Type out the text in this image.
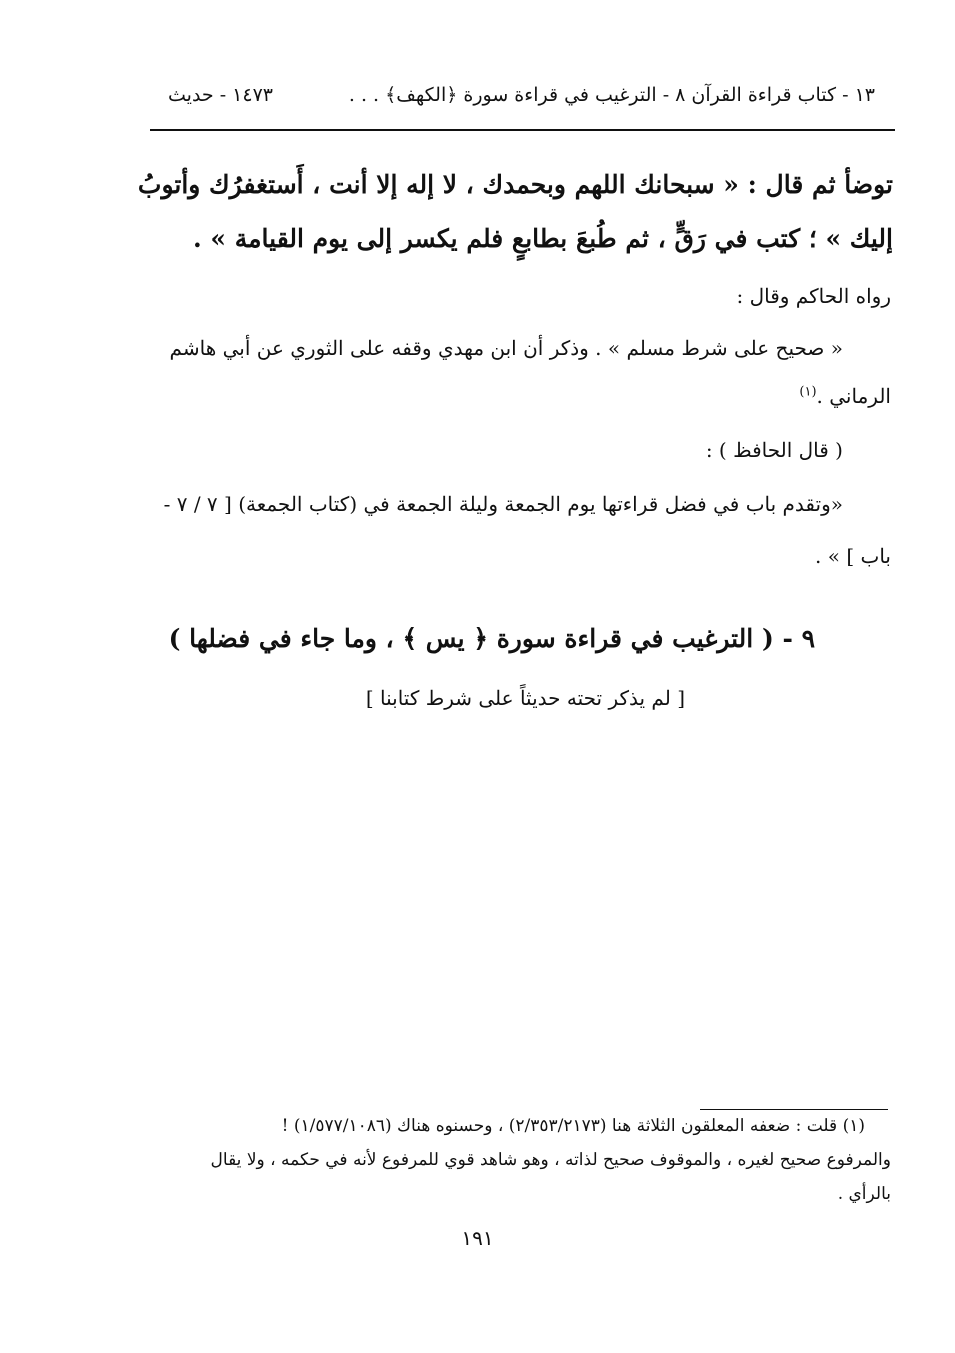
١٣ - كتاب قراءة القرآن ٨ - الترغيب في قراءة سورة ﴿الكهف﴾ . . .
١٤٧٣ - حديث
توضأ ثم قال : « سبحانك اللهم وبحمدك ، لا إله إلا أنت ، أَستغفرُك وأتوبُ
إليك » ؛ كتب في رَقٍّ ، ثم طُبعَ بطابعٍ فلم يكسر إلى يوم القيامة » .
رواه الحاكم وقال :
« صحيح على شرط مسلم » . وذكر أن ابن مهدي وقفه على الثوري عن أبي هاشم
الرماني .$^{(١)}$
( قال الحافظ ) :
«وتقدم باب في فضل قراءتها يوم الجمعة وليلة الجمعة في (كتاب الجمعة) [ ٧ / ٧ -
باب ] » .
٩ - ( الترغيب في قراءة سورة ﴿ يس ﴾ ، وما جاء في فضلها )
[ لم يذكر تحته حديثاً على شرط كتابنا ]
(١) قلت : ضعفه المعلقون الثلاثة هنا (٢/٣٥٣/٢١٧٣) ، وحسنوه هناك (١/٥٧٧/١٠٨٦) !
والمرفوع صحيح لغيره ، والموقوف صحيح لذاته ، وهو شاهد قوي للمرفوع لأنه في حكمه ، ولا يقال
بالرأي .
١٩١
